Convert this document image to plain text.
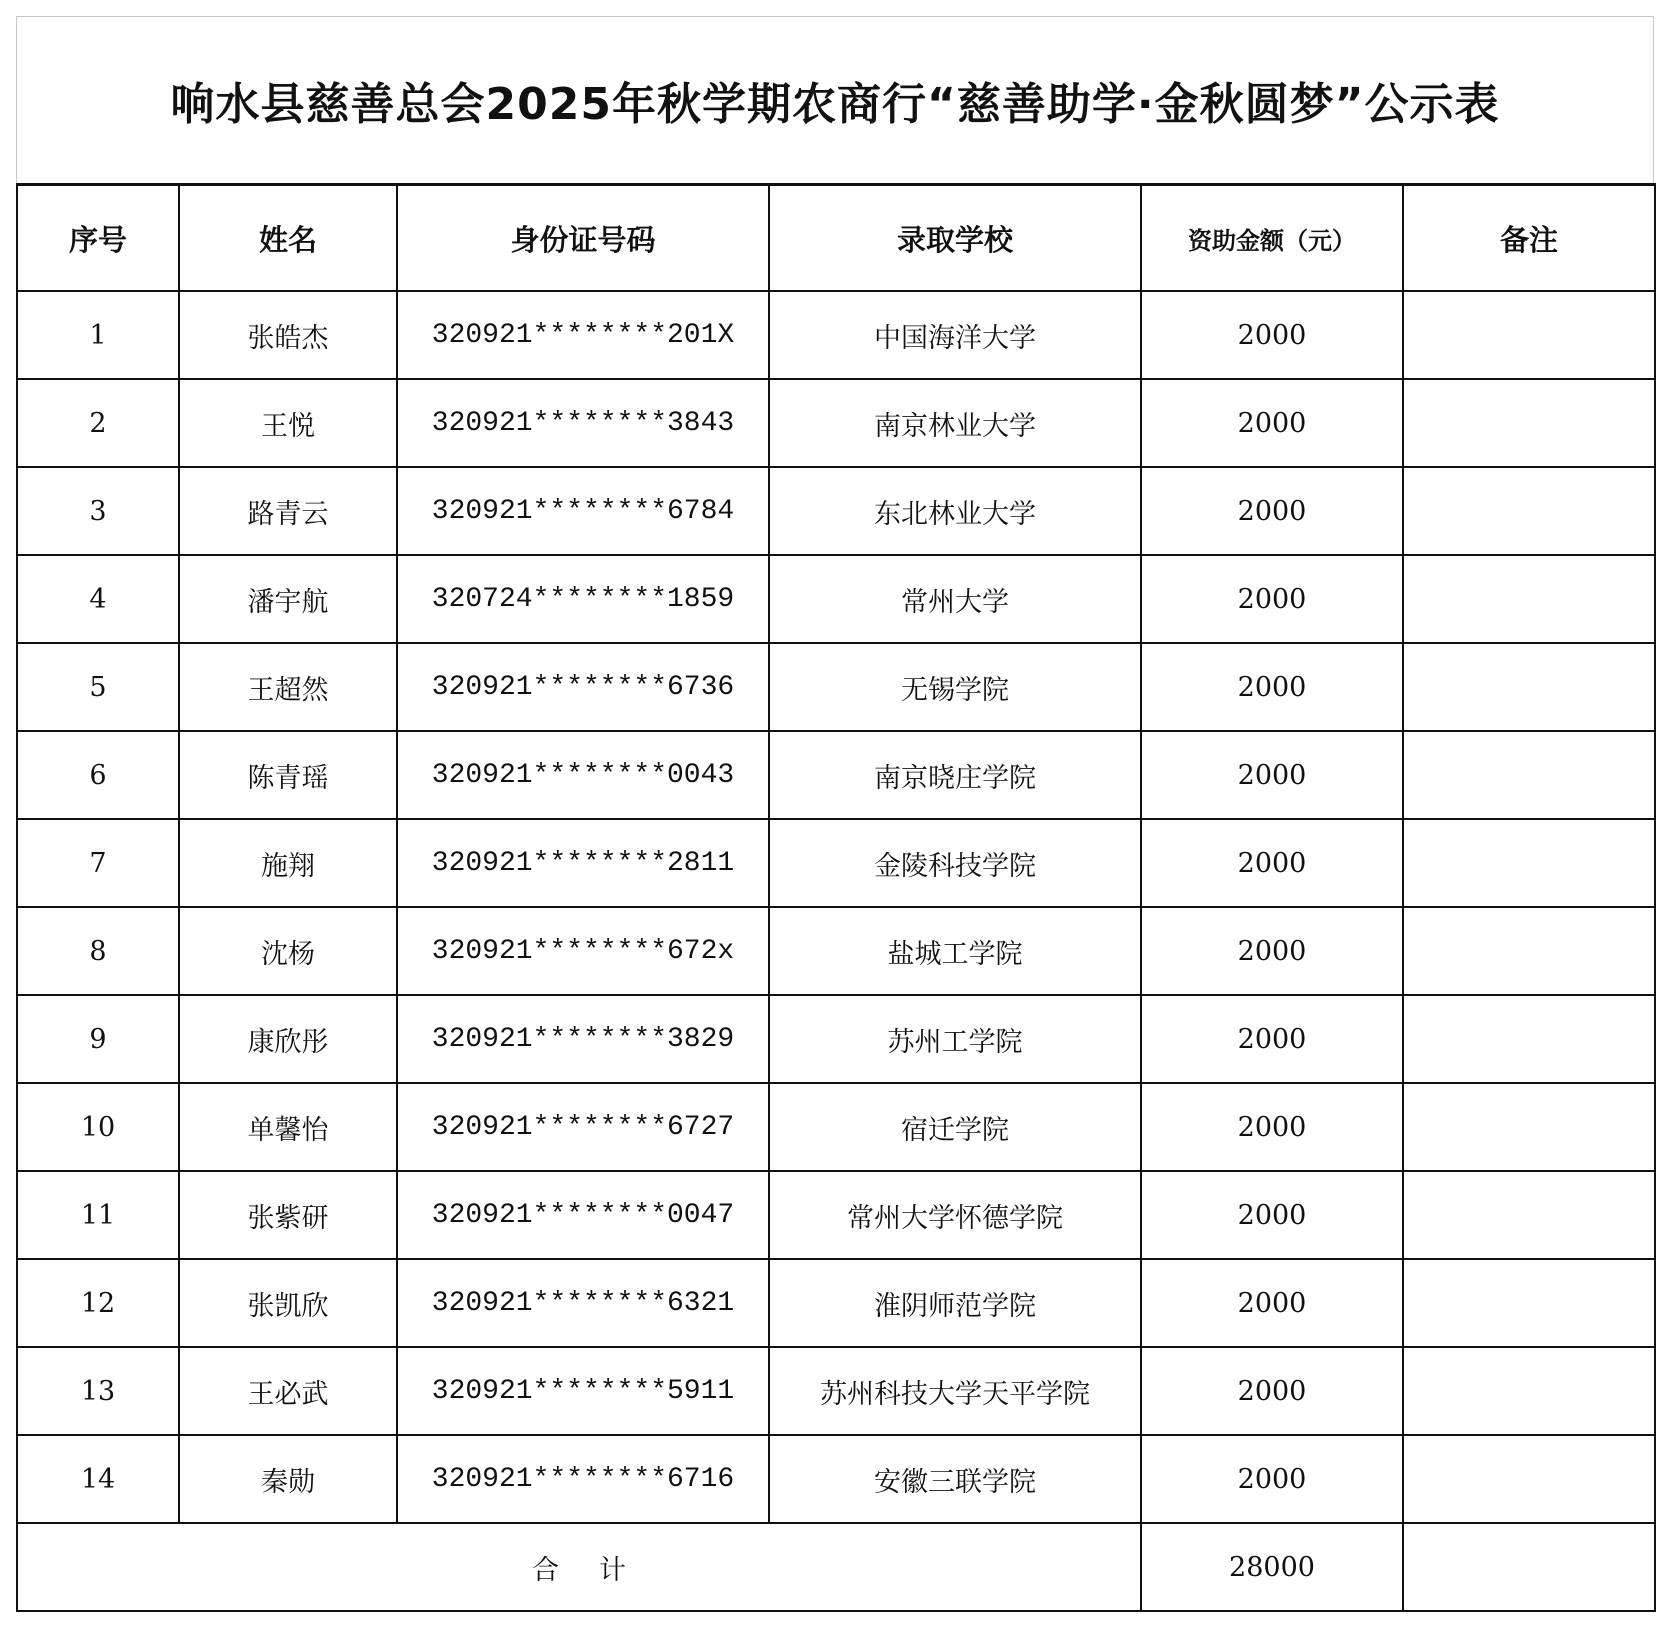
响水县慈善总会2025年秋学期农商行“慈善助学·金秋圆梦”公示表
序号	姓名	身份证号码	录取学校	资助金额（元）	备注
1	张皓杰	320921********201X	中国海洋大学	2000	
2	王悦	320921********3843	南京林业大学	2000	
3	路青云	320921********6784	东北林业大学	2000	
4	潘宇航	320724********1859	常州大学	2000	
5	王超然	320921********6736	无锡学院	2000	
6	陈青瑶	320921********0043	南京晓庄学院	2000	
7	施翔	320921********2811	金陵科技学院	2000	
8	沈杨	320921********672x	盐城工学院	2000	
9	康欣彤	320921********3829	苏州工学院	2000	
10	单馨怡	320921********6727	宿迁学院	2000	
11	张紫研	320921********0047	常州大学怀德学院	2000	
12	张凯欣	320921********6321	淮阴师范学院	2000	
13	王必武	320921********5911	苏州科技大学天平学院	2000	
14	秦勋	320921********6716	安徽三联学院	2000	
合计				28000	
